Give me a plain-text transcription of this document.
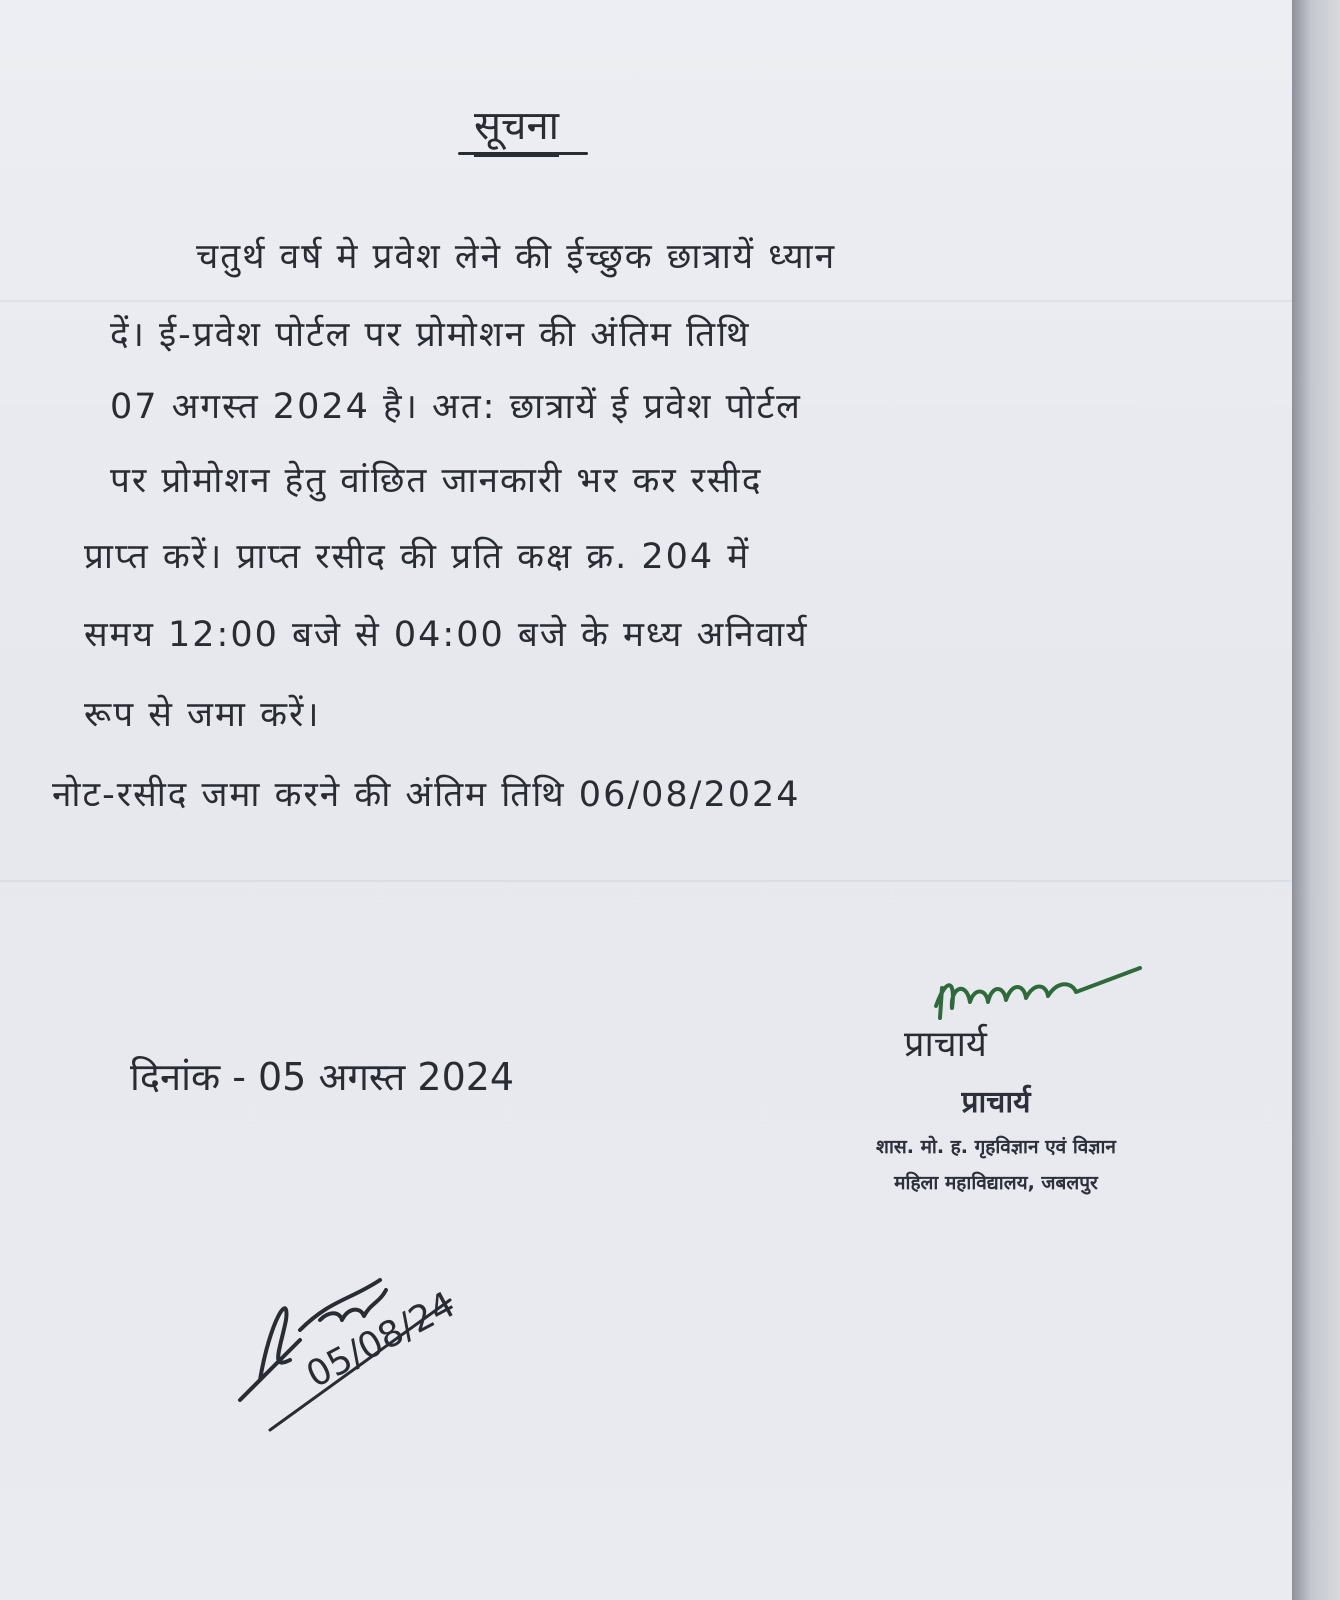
सूचना
चतुर्थ वर्ष मे प्रवेश लेने की ईच्छुक छात्रायें ध्यान
दें। ई-प्रवेश पोर्टल पर प्रोमोशन की अंतिम तिथि
07 अगस्त 2024 है। अत: छात्रायें ई प्रवेश पोर्टल
पर प्रोमोशन हेतु वांछित जानकारी भर कर रसीद
प्राप्त करें। प्राप्त रसीद की प्रति कक्ष क्र. 204 में
समय 12:00 बजे से 04:00 बजे के मध्य अनिवार्य
रूप से जमा करें।
नोट-रसीद जमा करने की अंतिम तिथि 06/08/2024
दिनांक - 05 अगस्त 2024
प्राचार्य
प्राचार्य
शास. मो. ह. गृहविज्ञान एवं विज्ञान
महिला महाविद्यालय, जबलपुर
05/08/24
